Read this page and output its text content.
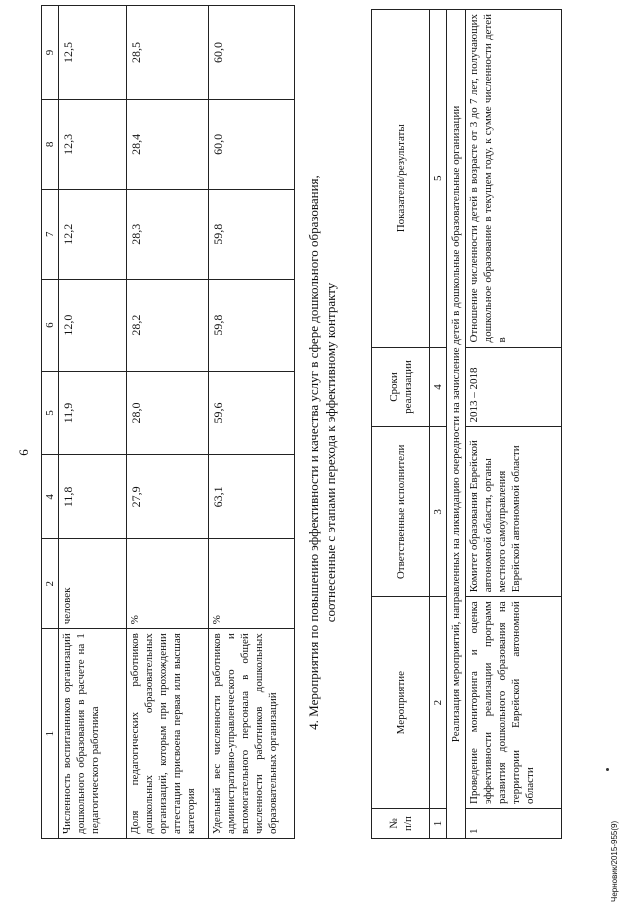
6
1	2	4	5	6	7	8	9
Численность воспитанников организаций дошкольного образования в расчете на 1 педагогического работника	человек	11,8	11,9	12,0	12,2	12,3	12,5
Доля педагогических работников дошкольных образовательных организаций, которым при прохождении аттестации присвоена первая или высшая категория	%	27,9	28,0	28,2	28,3	28,4	28,5
Удельный вес численности работников административно-управленческого и вспомогательного персонала в общей численности работников дошкольных образовательных организаций	%	63,1	59,6	59,8	59,8	60,0	60,0
4. Мероприятия по повышению эффективности и качества услуг в сфере дошкольного образования, соотнесенные с этапами перехода к эффективному контракту
№ п/п	Мероприятие	Ответственные исполнители	Сроки реализации	Показатели/результаты
1	2	3	4	5
Реализация мероприятий, направленных на ликвидацию очередности на зачисление детей в дошкольные образовательные организации				
1	Проведение мониторинга и оценка эффективности реализации программ развития дошкольного образования на территории Еврейской автономной области	Комитет образования Еврейской автономной области, органы местного самоуправления Еврейской автономной области	2013 – 2018	Отношение численности детей в возрасте от 3 до 7 лет, получающих дошкольное образование в текущем году, к сумме численности детей в
Черновик/2015-955(9)
